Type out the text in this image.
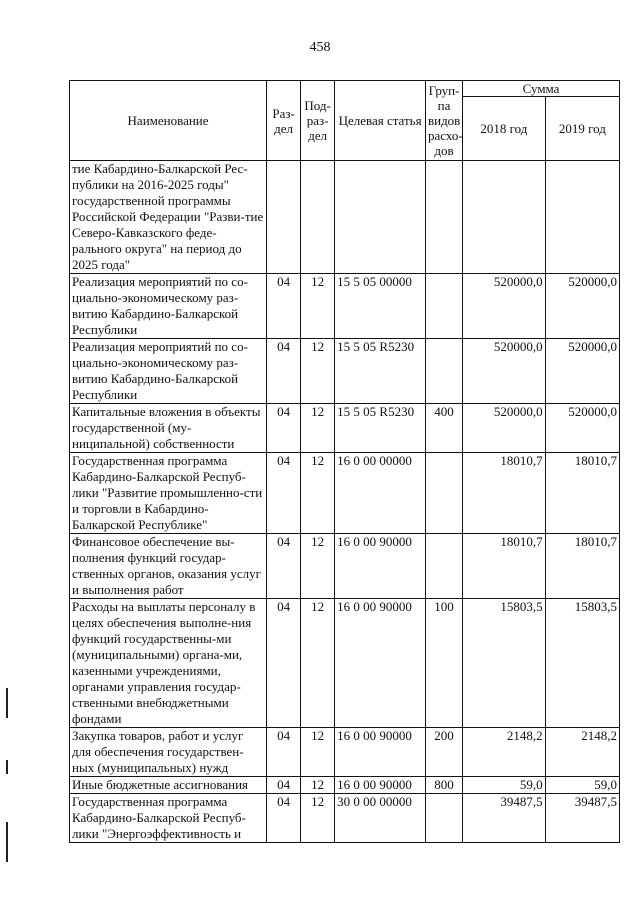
458
Наименование	Раз-дел	Под-раз-дел	Целевая статья	Груп-па видов расхо-дов	Сумма	
					2018 год	2019 год
тие Кабардино-Балкарской Рес-публики на 2016-2025 годы" государственной программы Российской Федерации "Разви-тие Северо-Кавказского феде-рального округа" на период до 2025 года"						
Реализация мероприятий по со-циально-экономическому раз-витию Кабардино-Балкарской Республики	04	12	15 5 05 00000		520000,0	520000,0
Реализация мероприятий по со-циально-экономическому раз-витию Кабардино-Балкарской Республики	04	12	15 5 05 R5230		520000,0	520000,0
Капитальные вложения в объекты государственной (му-ниципальной) собственности	04	12	15 5 05 R5230	400	520000,0	520000,0
Государственная программа Кабардино-Балкарской Респуб-лики "Развитие промышленно-сти и торговли в Кабардино-Балкарской Республике"	04	12	16 0 00 00000		18010,7	18010,7
Финансовое обеспечение вы-полнения функций государ-ственных органов, оказания услуг и выполнения работ	04	12	16 0 00 90000		18010,7	18010,7
Расходы на выплаты персоналу в целях обеспечения выполне-ния функций государственны-ми (муниципальными) органа-ми, казенными учреждениями, органами управления государ-ственными внебюджетными фондами	04	12	16 0 00 90000	100	15803,5	15803,5
Закупка товаров, работ и услуг для обеспечения государствен-ных (муниципальных) нужд	04	12	16 0 00 90000	200	2148,2	2148,2
Иные бюджетные ассигнования	04	12	16 0 00 90000	800	59,0	59,0
Государственная программа Кабардино-Балкарской Респуб-лики "Энергоэффективность и	04	12	30 0 00 00000		39487,5	39487,5
